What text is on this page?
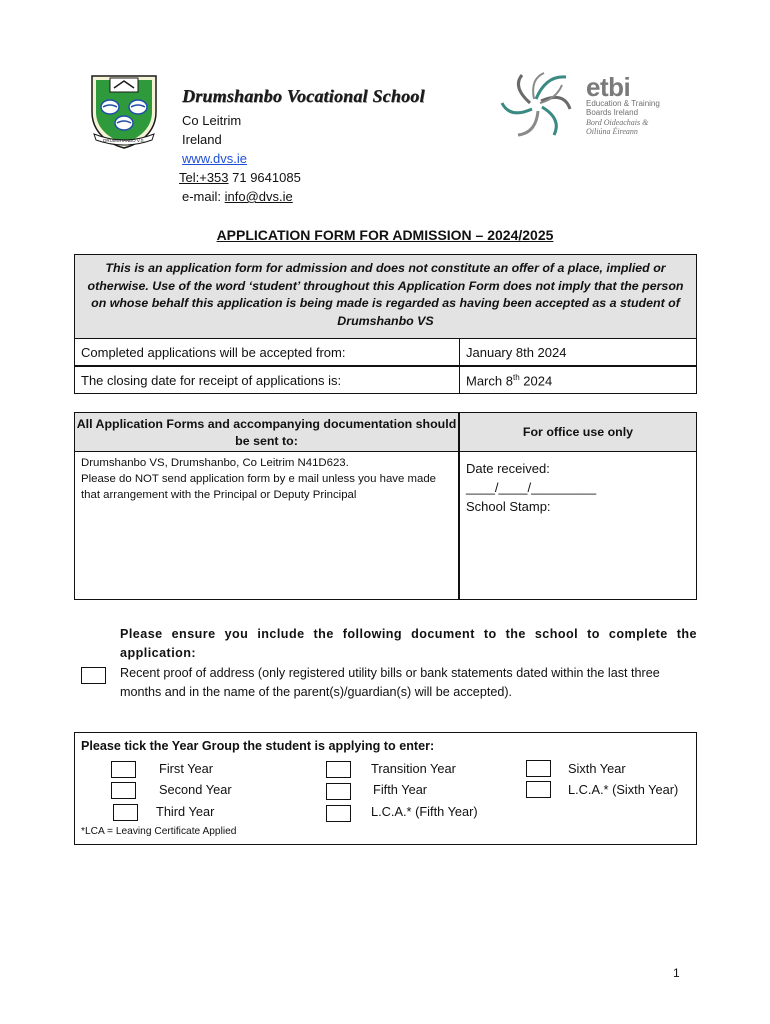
DRUMSHANBO V.S.
Drumshanbo Vocational School
Co Leitrim
Ireland
www.dvs.ie
Tel:+353 71 9641085
e-mail: info@dvs.ie
etbi
Education & Training
Boards Ireland
Bord Oideachais &
Oiliúna Éireann
APPLICATION FORM FOR ADMISSION – 2024/2025
This is an application form for admission and does not constitute an offer of a place, implied or otherwise. Use of the word ‘student’ throughout this Application Form does not imply that the person on whose behalf this application is being made is regarded as having been accepted as a student of Drumshanbo VS
Completed applications will be accepted from:	January 8th 2024
The closing date for receipt of applications is:	March 8th 2024
All Application Forms and accompanying documentation should be sent to:
For office use only
Drumshanbo VS, Drumshanbo, Co Leitrim N41D623.
Please do NOT send application form by e mail unless you have made that arrangement with the Principal or Deputy Principal
Date received:
____/____/_________
School Stamp:
Please ensure you include the following document to the school to complete the application:
Recent proof of address (only registered utility bills or bank statements dated within the last three months and in the name of the parent(s)/guardian(s) will be accepted).
Please tick the Year Group the student is applying to enter:
First Year
Second Year
Third Year
Transition Year
Fifth Year
L.C.A.* (Fifth Year)
Sixth Year
L.C.A.* (Sixth Year)
*LCA = Leaving Certificate Applied
1
